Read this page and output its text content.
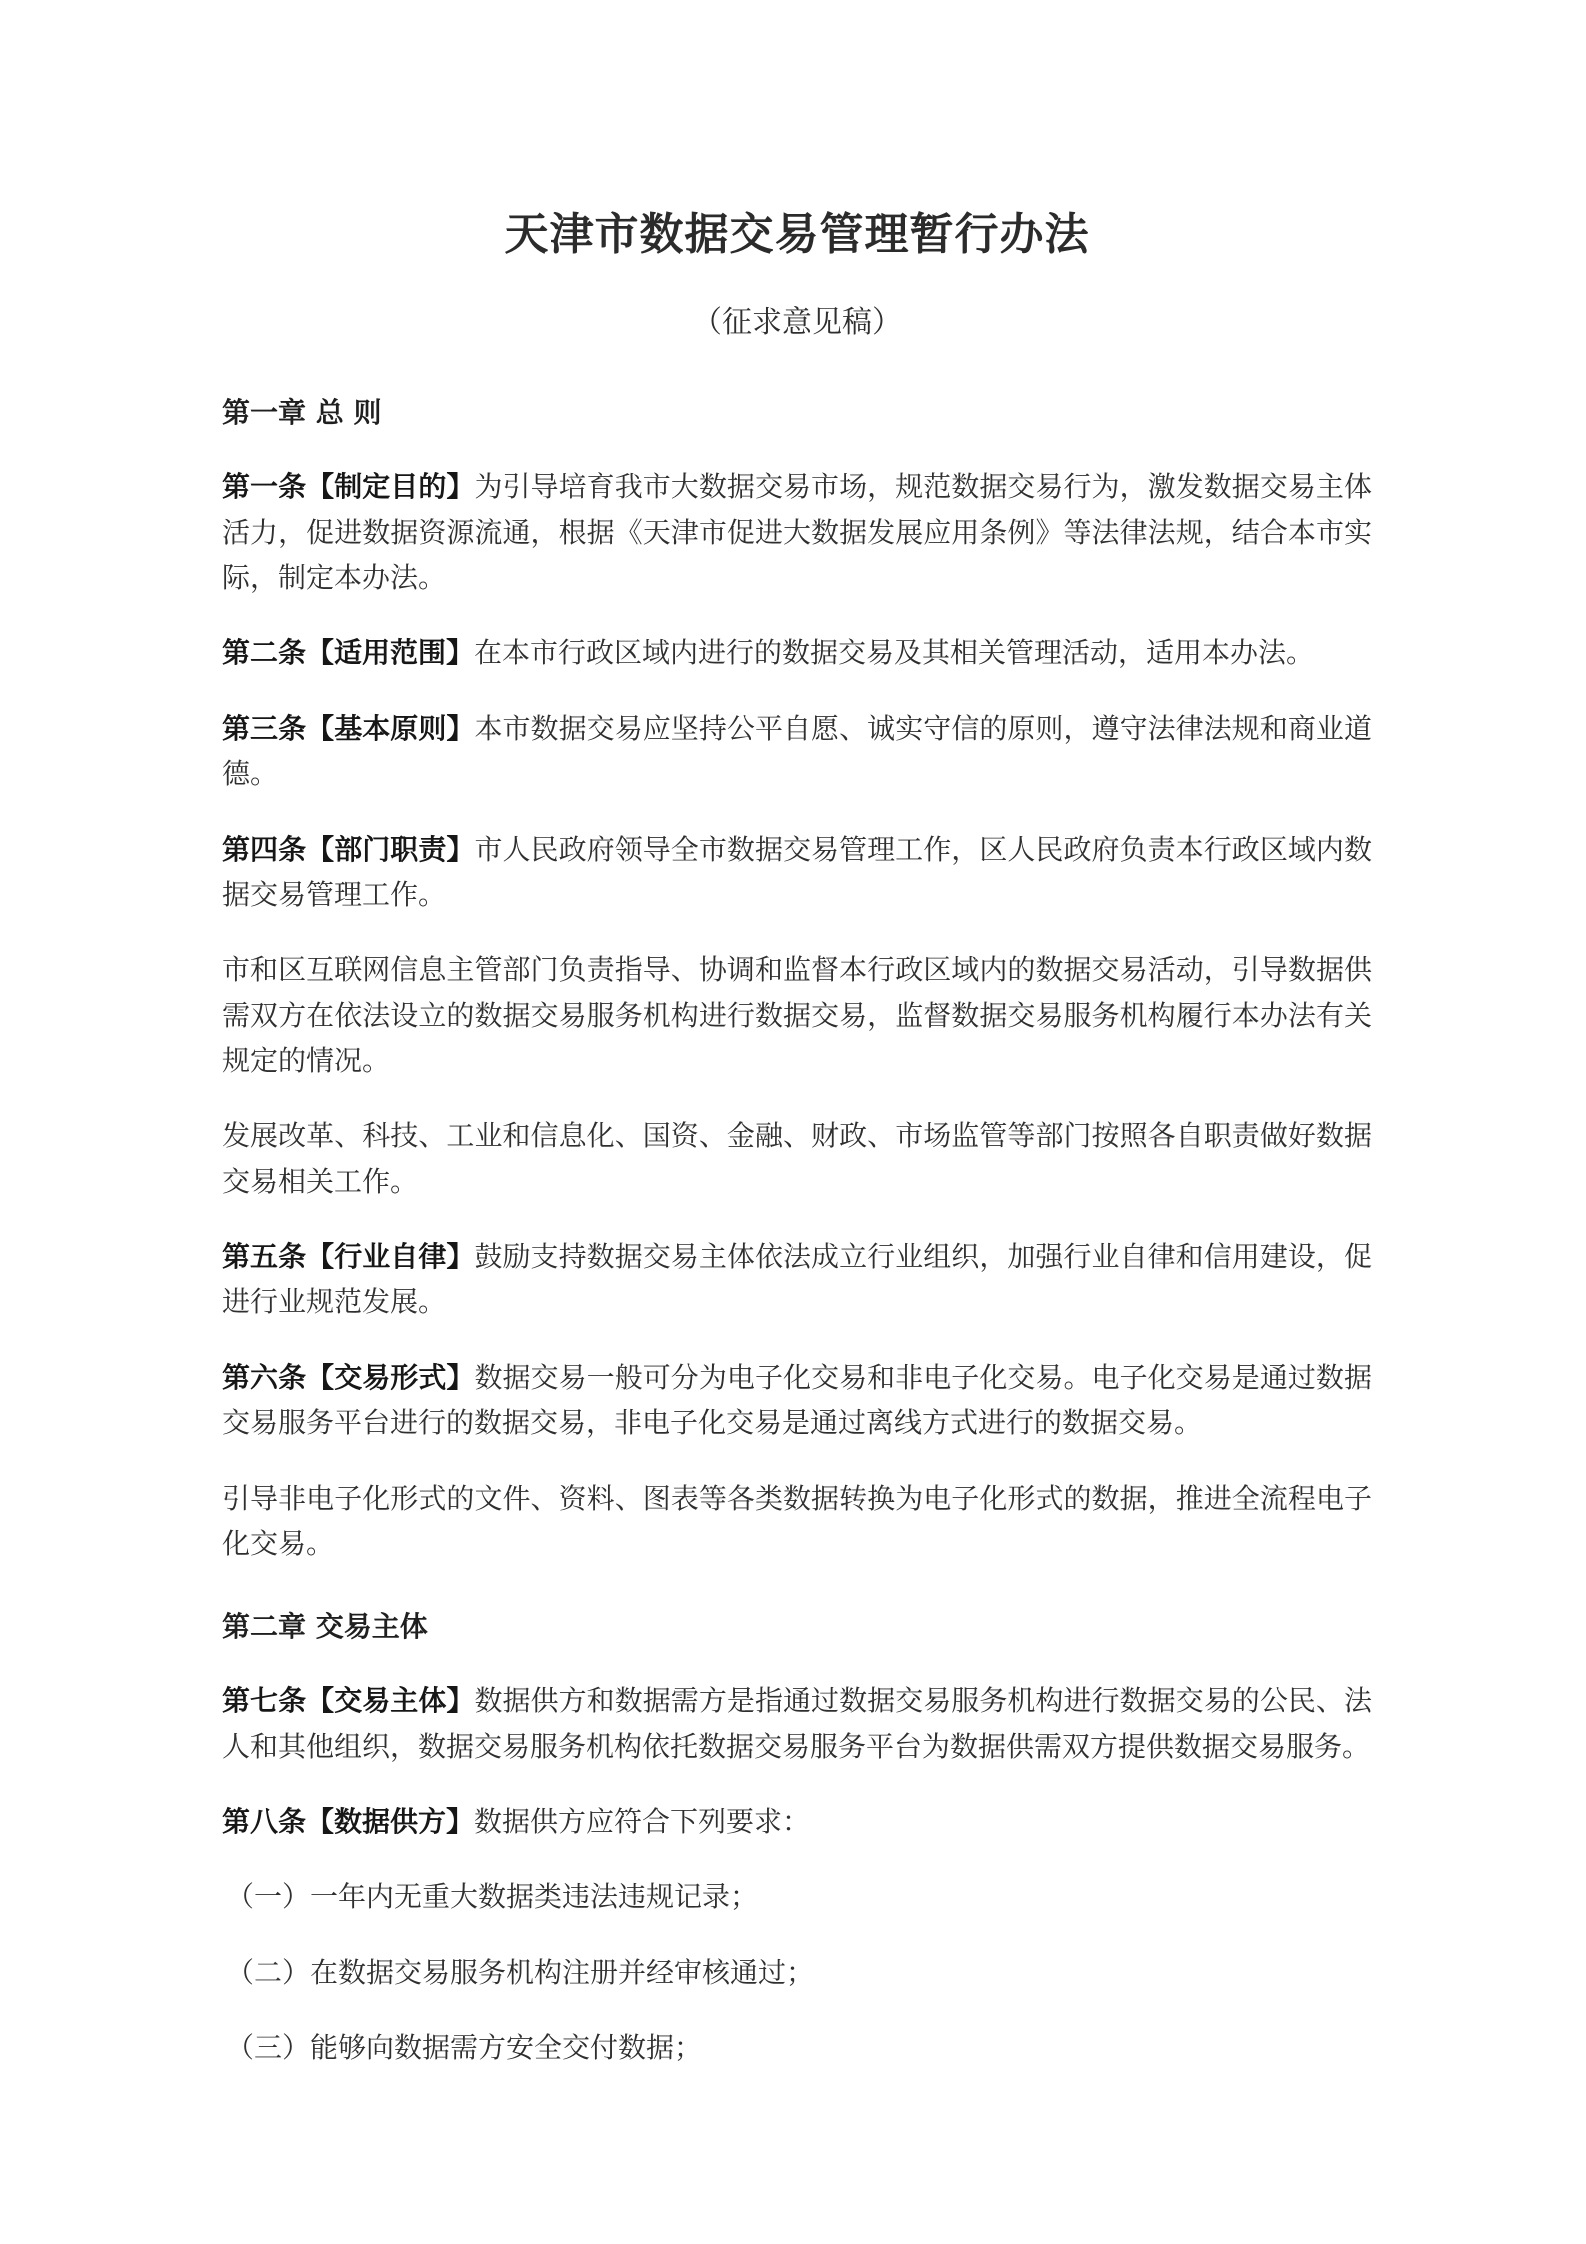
天津市数据交易管理暂行办法
（征求意见稿）
第一章 总 则

第一条【制定目的】为引导培育我市大数据交易市场，规范数据交易行为，激发数据交易主体活力，促进数据资源流通，根据《天津市促进大数据发展应用条例》等法律法规，结合本市实际，制定本办法。

第二条【适用范围】在本市行政区域内进行的数据交易及其相关管理活动，适用本办法。

第三条【基本原则】本市数据交易应坚持公平自愿、诚实守信的原则，遵守法律法规和商业道德。

第四条【部门职责】市人民政府领导全市数据交易管理工作，区人民政府负责本行政区域内数据交易管理工作。

市和区互联网信息主管部门负责指导、协调和监督本行政区域内的数据交易活动，引导数据供需双方在依法设立的数据交易服务机构进行数据交易，监督数据交易服务机构履行本办法有关规定的情况。

发展改革、科技、工业和信息化、国资、金融、财政、市场监管等部门按照各自职责做好数据交易相关工作。

第五条【行业自律】鼓励支持数据交易主体依法成立行业组织，加强行业自律和信用建设，促进行业规范发展。

第六条【交易形式】数据交易一般可分为电子化交易和非电子化交易。电子化交易是通过数据交易服务平台进行的数据交易，非电子化交易是通过离线方式进行的数据交易。

引导非电子化形式的文件、资料、图表等各类数据转换为电子化形式的数据，推进全流程电子化交易。

第二章 交易主体

第七条【交易主体】数据供方和数据需方是指通过数据交易服务机构进行数据交易的公民、法人和其他组织，数据交易服务机构依托数据交易服务平台为数据供需双方提供数据交易服务。

第八条【数据供方】数据供方应符合下列要求：

（一）一年内无重大数据类违法违规记录；

（二）在数据交易服务机构注册并经审核通过；

（三）能够向数据需方安全交付数据；
